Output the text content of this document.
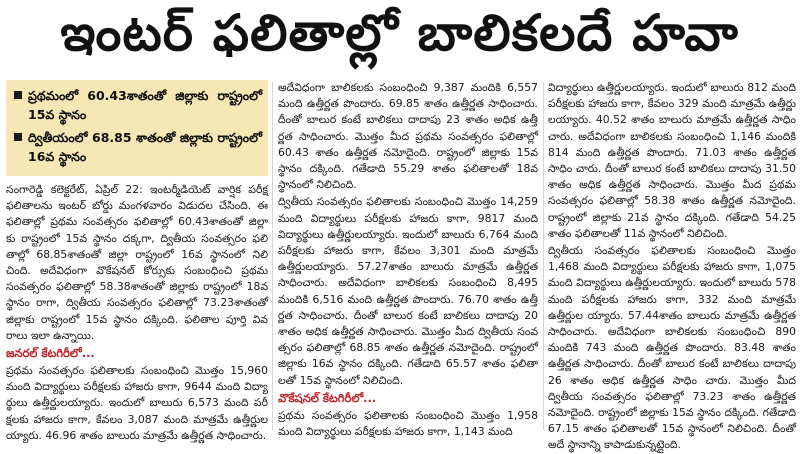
ఇంటర్ ఫలితాల్లో బాలికలదే హవా
ప్రథమంలో 60.43శాతంతో జిల్లాకు రాష్ట్రంలో 15వ స్థానం
ద్వితీయంలో 68.85 శాతంతో జిల్లాకు రాష్ట్రంలో 16వ స్థానం

సంగారెడ్డి కలెక్టరేట్, ఏప్రిల్ 22: ఇంటర్మీడియెట్ వార్షిక పరీక్ష ఫలితాలను ఇంటర్ బోర్డు మంగళవారం విడుదల చేసింది. ఈ ఫలితాల్లో ప్రథమ సంవత్సరం ఫలితాల్లో 60.43శాతంతో జిల్లా కు రాష్ట్రంలో 15వ స్థానం దక్కగా, ద్వితీయ సంవత్సరం ఫలి తాల్లో 68.85శాతంతో జిల్లా రాష్ట్రంలో 16వ స్థానంలో నిలి చింది. అదేవిధంగా వొకేషనల్ కోర్సుకు సంబంధించి ప్రథమ సంవత్సరం ఫలితాల్లో 58.38శాతంతో జిల్లాకు రాష్ట్రంలో 18వ స్థానం రాగా, ద్వితీయ సంవత్సరం ఫలితాల్లో 73.23శాతంతో జిల్లాకు రాష్ట్రంలో 15వ స్థానం దక్కింది. ఫలితాల పూర్తి వివ రాలు ఇలా ఉన్నాయి.

జనరల్ కేటగిరీలో...

ప్రథమ సంవత్సరం ఫలితాలకు సంబంధించి మొత్తం 15,960 మంది విద్యార్థులు పరీక్షలకు హాజరు కాగా, 9644 మంది విద్యా ర్థులు ఉత్తీర్ణులయ్యారు. ఇందులో బాలురు 6,573 మంది పరీ క్షలకు హాజరు కాగా, కేవలం 3,087 మంది మాత్రమే ఉత్తీర్ణుల య్యారు. 46.96 శాతం బాలురు మాత్రమే ఉత్తీర్ణత సాధించారు.

అదేవిధంగా బాలికలకు సంబంధించి 9,387 మందికి 6,557 మంది ఉత్తీర్ణత పొందారు. 69.85 శాతం ఉత్తీర్ణత సాధించారు. దీంతో బాలుర కంటే బాలికలు దాదాపు 23 శాతం అధిక ఉత్తీ ర్ణత సాధించారు. మొత్తం మీద ప్రథమ సంవత్సరం ఫలితాల్లో 60.43 శాతం ఉత్తీర్ణత నమోదైంది. రాష్ట్రంలో జిల్లాకు 15వ స్థానం దక్కింది. గతేడాది 55.29 శాతం ఫలితాలతో 18వ స్థానంలో నిలిచింది.

ద్వితీయ సంవత్సరం ఫలితాలకు సంబంధించి మొత్తం 14,259 మంది విద్యార్థులు పరీక్షలకు హాజరు కాగా, 9817 మంది విద్యార్థులు ఉత్తీర్ణులయ్యారు. ఇందులో బాలురు 6,764 మంది పరీక్షలకు హాజరు కాగా, కేవలం 3,301 మంది మాత్రమే ఉత్తీర్ణులయ్యారు. 57.27శాతం బాలురు మాత్రమే ఉత్తీర్ణత సాధించారు. అదేవిధంగా బాలికలకు సంబంధించి 8,495 మందికి 6,516 మంది ఉత్తీర్ణత పొందారు. 76.70 శాతం ఉత్తీ ర్ణత సాధించారు. దీంతో బాలుర కంటే బాలికలు దాదాపు 20 శాతం అధిక ఉత్తీర్ణత సాధించారు. మొత్తం మీద ద్వితీయ సంవ త్సరం ఫలితాల్లో 68.85 శాతం ఉత్తీర్ణత నమోదైంది. రాష్ట్రంలో జిల్లాకు 16వ స్థానం దక్కింది. గతేడాది 65.57 శాతం ఫలితా లతో 15వ స్థానంలో నిలిచింది.

వొకేషనల్ కేటగిరీలో...

ప్రథమ సంవత్సరం ఫలితాలకు సంబంధించి మొత్తం 1,958 మంది విద్యార్థులు పరీక్షలకు హాజరు కాగా, 1,143 మంది

విద్యార్థులు ఉత్తీర్ణులయ్యారు. ఇందులో బాలురు 812 మంది పరీక్షలకు హాజరు కాగా, కేవలం 329 మంది మాత్రమే ఉత్తీర్ణు లయ్యారు. 40.52 శాతం బాలురు మాత్రమే ఉత్తీర్ణత సాధిం చారు. అదేవిధంగా బాలికలకు సంబంధించి 1,146 మందికి 814 మంది ఉత్తీర్ణత పొందారు. 71.03 శాతం ఉత్తీర్ణత సాధిం చారు. దీంతో బాలుర కంటే బాలికలు దాదాపు 31.50 శాతం అధిక ఉత్తీర్ణత సాధించారు. మొత్తం మీద ప్రథమ సంవత్సరం ఫలితాల్లో 58.38 శాతం ఉత్తీర్ణత నమోదైంది. రాష్ట్రంలో జిల్లాకు 21వ స్థానం దక్కింది. గతేడాది 54.25 శాతం ఫలితాలతో 11వ స్థానంలో నిలిచింది.

ద్వితీయ సంవత్సరం ఫలితాలకు సంబంధించి మొత్తం 1,468 మంది విద్యార్థులు పరీక్షలకు హాజరు కాగా, 1,075 మంది విద్యార్థులు ఉత్తీర్ణులయ్యారు. ఇందులో బాలురు 578 మంది పరీక్షలకు హాజరు కాగా, 332 మంది మాత్రమే ఉత్తీర్ణుల య్యారు. 57.44శాతం బాలురు మాత్రమే ఉత్తీర్ణత సాధించారు. అదేవిధంగా బాలికలకు సంబంధించి 890 మందికి 743 మంది ఉత్తీర్ణత పొందారు. 83.48 శాతం ఉత్తీర్ణత సాధించారు. దీంతో బాలుర కంటే బాలికలు దాదాపు 26 శాతం అధిక ఉత్తీర్ణత సాధిం చారు. మొత్తం మీద ద్వితీయ సంవత్సరం ఫలితాల్లో 73.23 శాతం ఉత్తీర్ణత నమోదైంది. రాష్ట్రంలో జిల్లాకు 15వ స్థానం దక్కింది. గతేడాది 67.15 శాతం ఫలితాలతో 15వ స్థానంలో నిలిచింది. దీంతో అదే స్థానాన్ని కాపాడుకున్నట్లైంది.
